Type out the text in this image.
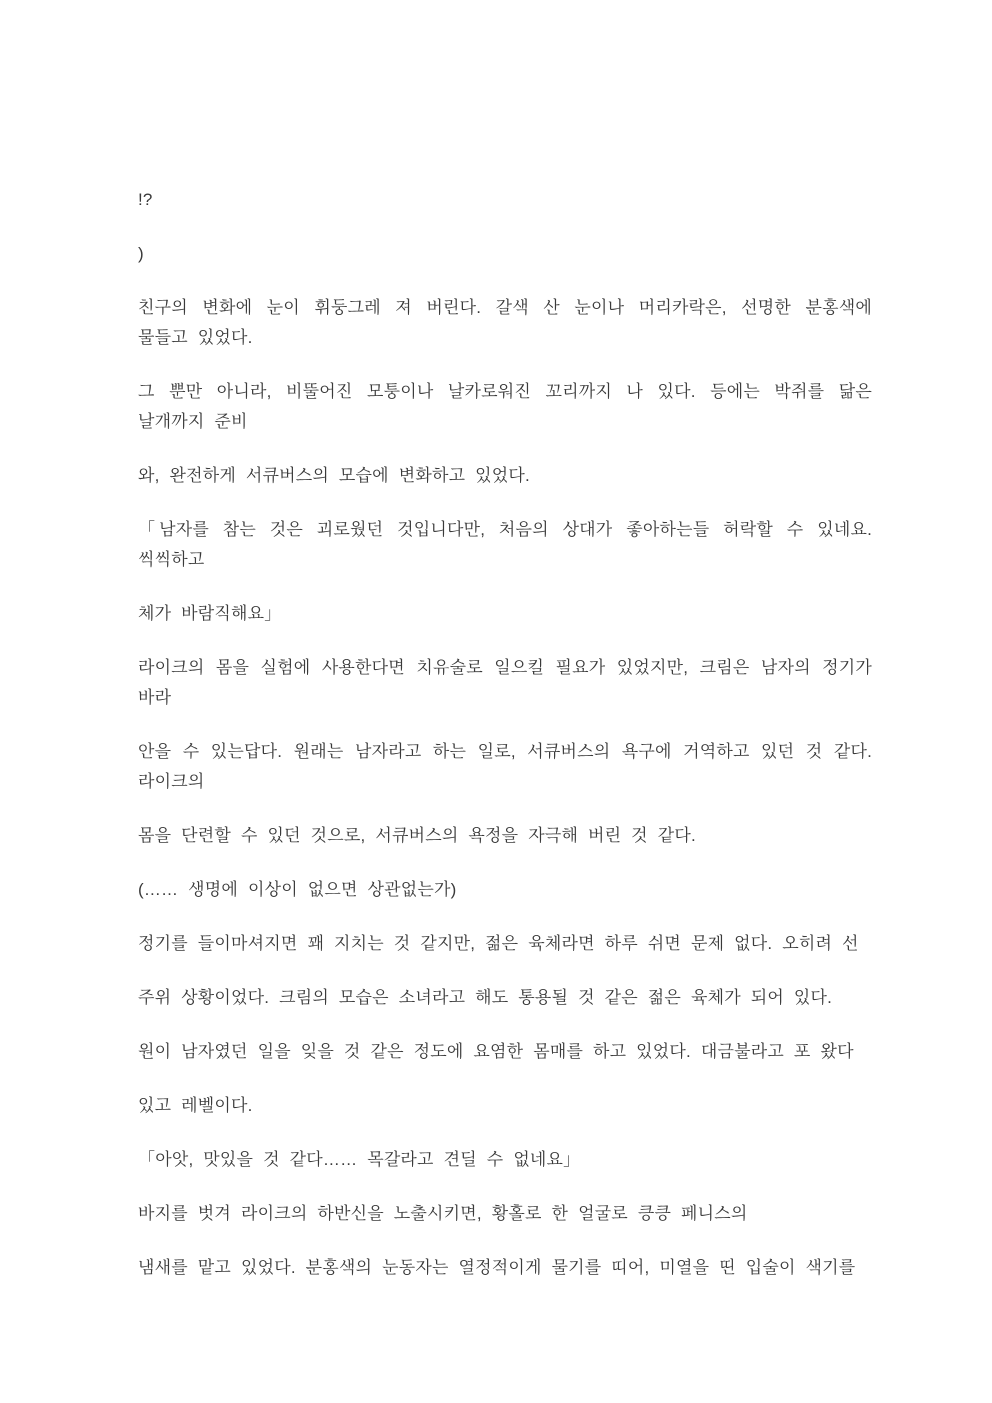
!?

)

친구의 변화에 눈이 휘둥그레 져 버린다. 갈색 산 눈이나 머리카락은, 선명한 분홍색에 물들고 있었다.

그 뿐만 아니라, 비뚤어진 모퉁이나 날카로워진 꼬리까지 나 있다. 등에는 박쥐를 닮은 날개까지 준비

와, 완전하게 서큐버스의 모습에 변화하고 있었다.

「남자를 참는 것은 괴로웠던 것입니다만, 처음의 상대가 좋아하는들 허락할 수 있네요. 씩씩하고

체가 바람직해요」

라이크의 몸을 실험에 사용한다면 치유술로 일으킬 필요가 있었지만, 크림은 남자의 정기가 바라

안을 수 있는답다. 원래는 남자라고 하는 일로, 서큐버스의 욕구에 거역하고 있던 것 같다. 라이크의

몸을 단련할 수 있던 것으로, 서큐버스의 욕정을 자극해 버린 것 같다.

(…… 생명에 이상이 없으면 상관없는가)

정기를 들이마셔지면 꽤 지치는 것 같지만, 젊은 육체라면 하루 쉬면 문제 없다. 오히려 선

주위 상황이었다. 크림의 모습은 소녀라고 해도 통용될 것 같은 젊은 육체가 되어 있다.

원이 남자였던 일을 잊을 것 같은 정도에 요염한 몸매를 하고 있었다. 대금불라고 포 왔다

있고 레벨이다.

「아앗, 맛있을 것 같다…… 목갈라고 견딜 수 없네요」

바지를 벗겨 라이크의 하반신을 노출시키면, 황홀로 한 얼굴로 킁킁 페니스의

냄새를 맡고 있었다. 분홍색의 눈동자는 열정적이게 물기를 띠어, 미열을 띤 입술이 색기를
